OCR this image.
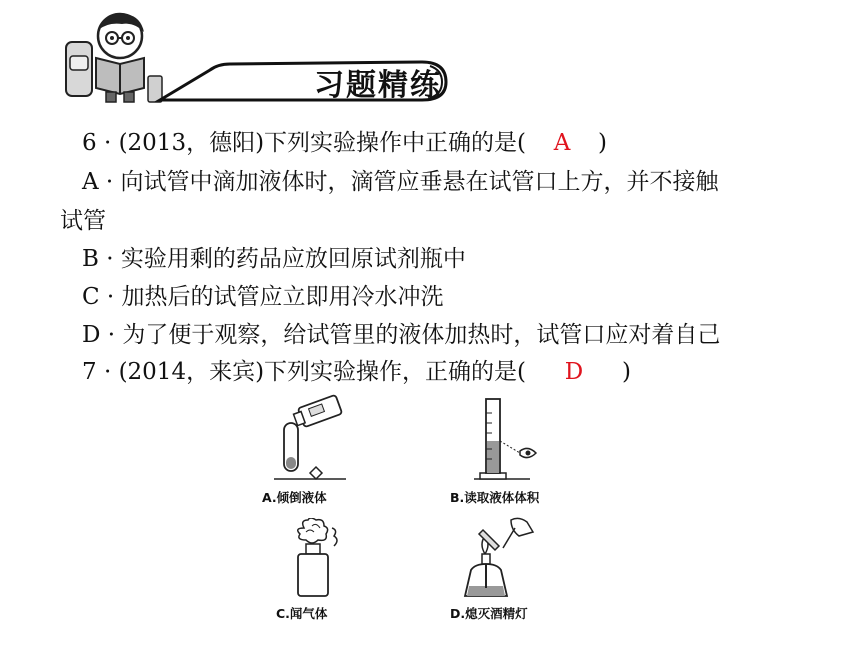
习题精练
6 · (2013，德阳)下列实验操作中正确的是( A )
A · 向试管中滴加液体时，滴管应垂悬在试管口上方，并不接触
试管
B · 实验用剩的药品应放回原试剂瓶中
C · 加热后的试管应立即用冷水冲洗
D · 为了便于观察，给试管里的液体加热时，试管口应对着自己
7 · (2014，来宾)下列实验操作，正确的是( D )
A.倾倒液体	B.读取液体体积
C.闻气体	D.熄灭酒精灯
